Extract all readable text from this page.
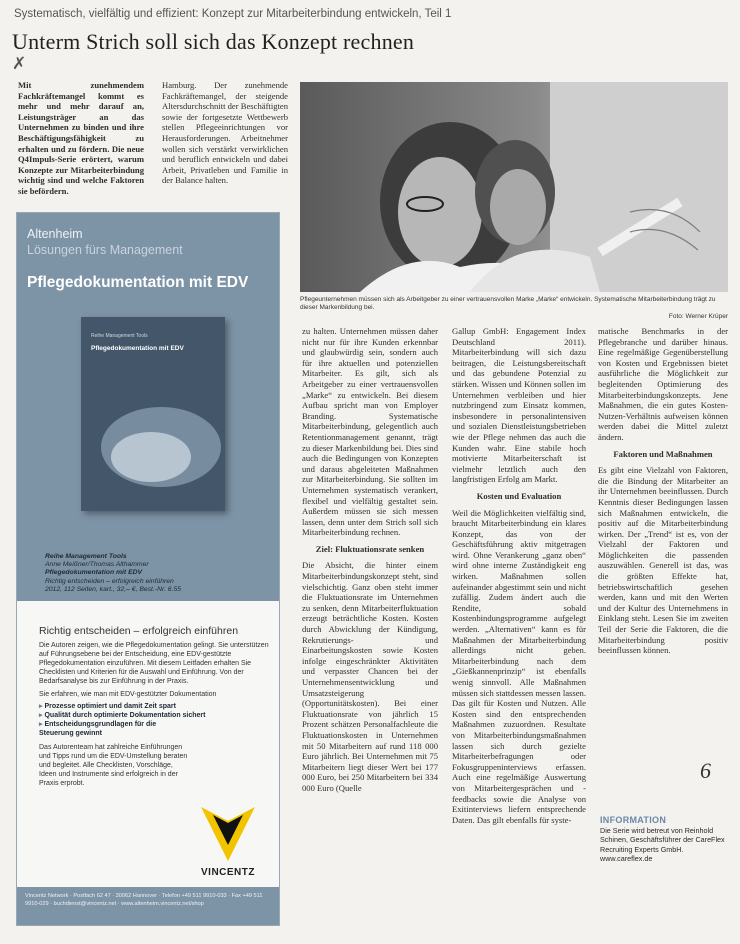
Systematisch, vielfältig und effizient: Konzept zur Mitarbeiterbindung entwickeln, Teil 1
Unterm Strich soll sich das Konzept rechnen
✗
Mit zunehmendem Fachkräftemangel kommt es mehr und mehr darauf an, Leistungsträger an das Unternehmen zu binden und ihre Beschäftigungsfähigkeit zu erhalten und zu fördern. Die neue Q4Impuls-Serie erörtert, warum Konzepte zur Mitarbeiterbindung wichtig sind und welche Faktoren sie befördern.
Hamburg. Der zunehmende Fachkräftemangel, der steigende Altersdurchschnitt der Beschäftigten sowie der fortgesetzte Wettbewerb stellen Pflegeeinrichtungen vor Herausforderungen. Arbeitnehmer wollen sich verstärkt verwirklichen und beruflich entwickeln und dabei Arbeit, Privatleben und Familie in der Balance halten.
Pflegeunternehmen müssen sich als Arbeitgeber zu einer vertrauensvollen Marke „Marke“ entwickeln. Systematische Mitarbeiterbindung trägt zu dieser Markenbildung bei.
Foto: Werner Krüper
Altenheim
Lösungen fürs Management
Pflegedokumentation mit EDV
Reihe Management Tools
Pflegedokumentation mit EDV
Reihe Management Tools
Anne Meißner/Thomas Althammer
Pflegedokumentation mit EDV
Richtig entscheiden – erfolgreich einführen
2012, 112 Seiten, kart., 32,– €, Best.-Nr. 6.55
Richtig entscheiden – erfolgreich einführen
Die Autoren zeigen, wie die Pflegedokumentation gelingt. Sie unterstützen auf Führungsebene bei der Entscheidung, eine EDV-gestützte Pflegedokumentation einzuführen. Mit diesem Leitfaden erhalten Sie Checklisten und Kriterien für die Auswahl und Einführung. Von der Bedarfsanalyse bis zur Einführung in der Praxis.
Sie erfahren, wie man mit EDV-gestützter Dokumentation
▸ Prozesse optimiert und damit Zeit spart
▸ Qualität durch optimierte Dokumentation sichert
▸ Entscheidungsgrundlagen für die Steuerung gewinnt
Das Autorenteam hat zahlreiche Einführungen und Tipps rund um die EDV-Umstellung beraten und begleitet. Alle Checklisten, Vorschläge, Ideen und Instrumente sind erfolgreich in der Praxis erprobt.
VINCENTZ
Vincentz Network · Postfach 62 47 · 30062 Hannover · Telefon +49 511 9910-033 · Fax +49 511 9910-029 · buchdienst@vincentz.net · www.altenheim.vincentz.net/shop
zu halten. Unternehmen müssen daher nicht nur für ihre Kunden erkennbar und glaubwürdig sein, sondern auch für ihre aktuellen und potenziellen Mitarbeiter. Es gilt, sich als Arbeitgeber zu einer vertrauensvollen „Marke“ zu entwickeln. Bei diesem Aufbau spricht man von Employer Branding. Systematische Mitarbeiterbindung, gelegentlich auch Retentionmanagement genannt, trägt zu dieser Markenbildung bei. Dies sind auch die Bedingungen von Konzepten und daraus abgeleiteten Maßnahmen zur Mitarbeiterbindung. Sie sollten im Unternehmen systematisch verankert, flexibel und vielfältig gestaltet sein. Außerdem müssen sie sich messen lassen, denn unter dem Strich soll sich Mitarbeiterbindung rechnen.
Ziel: Fluktuationsrate senken
Die Absicht, die hinter einem Mitarbeiterbindungskonzept steht, sind vielschichtig. Ganz oben steht immer die Fluktuationsrate im Unternehmen zu senken, denn Mitarbeiterfluktuation erzeugt beträchtliche Kosten. Kosten durch Abwicklung der Kündigung, Rekrutierungs- und Einarbeitungskosten sowie Kosten infolge eingeschränkter Aktivitäten und verpasster Chancen bei der Unternehmensentwicklung und Umsatzsteigerung (Opportunitätskosten). Bei einer Fluktuationsrate von jährlich 15 Prozent schätzen Personalfachleute die Fluktuationskosten in Unternehmen mit 50 Mitarbeitern auf rund 118 000 Euro jährlich. Bei Unternehmen mit 75 Mitarbeitern liegt dieser Wert bei 177 000 Euro, bei 250 Mitarbeitern bei 334 000 Euro (Quelle
Gallup GmbH: Engagement Index Deutschland 2011). Mitarbeiterbindung will sich dazu beitragen, die Leistungsbereitschaft und das gebundene Potenzial zu stärken. Wissen und Können sollen im Unternehmen verbleiben und hier nutzbringend zum Einsatz kommen, insbesondere in personalintensiven und sozialen Dienstleistungsbetrieben wie der Pflege nehmen das auch die Kunden wahr. Eine stabile hoch motivierte Mitarbeiterschaft ist vielmehr letztlich auch den langfristigen Erfolg am Markt.
Kosten und Evaluation
Weil die Möglichkeiten vielfältig sind, braucht Mitarbeiterbindung ein klares Konzept, das von der Geschäftsführung aktiv mitgetragen wird. Ohne Verankerung „ganz oben“ wird ohne interne Zuständigkeit eng wirken. Maßnahmen sollen aufeinander abgestimmt sein und nicht zufällig. Zudem ändert auch die Rendite, sobald Kostenbindungsprogramme aufgelegt werden. „Alternativen“ kann es für Maßnahmen der Mitarbeiterbindung allerdings nicht geben. Mitarbeiterbindung nach dem „Gießkannenprinzip“ ist ebenfalls wenig sinnvoll. Alle Maßnahmen müssen sich stattdessen messen lassen. Das gilt für Kosten und Nutzen. Alle Kosten sind den entsprechenden Maßnahmen zuzuordnen. Resultate von Mitarbeiterbindungsmaßnahmen lassen sich durch gezielte Mitarbeiterbefragungen oder Fokusgruppeninterviews erfassen. Auch eine regelmäßige Auswertung von Mitarbeitergesprächen und -feedbacks sowie die Analyse von Exitinterviews liefern entsprechende Daten. Das gilt ebenfalls für syste-
matische Benchmarks in der Pflegebranche und darüber hinaus. Eine regelmäßige Gegenüberstellung von Kosten und Ergebnissen bietet ausführliche die Möglichkeit zur begleitenden Optimierung des Mitarbeiterbindungskonzepts. Jene Maßnahmen, die ein gutes Kosten-Nutzen-Verhältnis aufweisen können werden dabei die Mittel zuletzt ändern.
Faktoren und Maßnahmen
Es gibt eine Vielzahl von Faktoren, die die Bindung der Mitarbeiter an ihr Unternehmen beeinflussen. Durch Kenntnis dieser Bedingungen lassen sich Maßnahmen entwickeln, die positiv auf die Mitarbeiterbindung wirken. Der „Trend“ ist es, von der Vielzahl der Faktoren und Möglichkeiten die passenden auszuwählen. Generell ist das, was die größten Effekte hat, betriebswirtschaftlich gesehen werden, kann und mit den Werten und der Kultur des Unternehmens in Einklang steht. Lesen Sie im zweiten Teil der Serie die Faktoren, die die Mitarbeiterbindung positiv beeinflussen können.
6
INFORMATION
Die Serie wird betreut von Reinhold Schinen, Geschäftsführer der CareFlex Recruiting Experts GmbH. www.careflex.de
